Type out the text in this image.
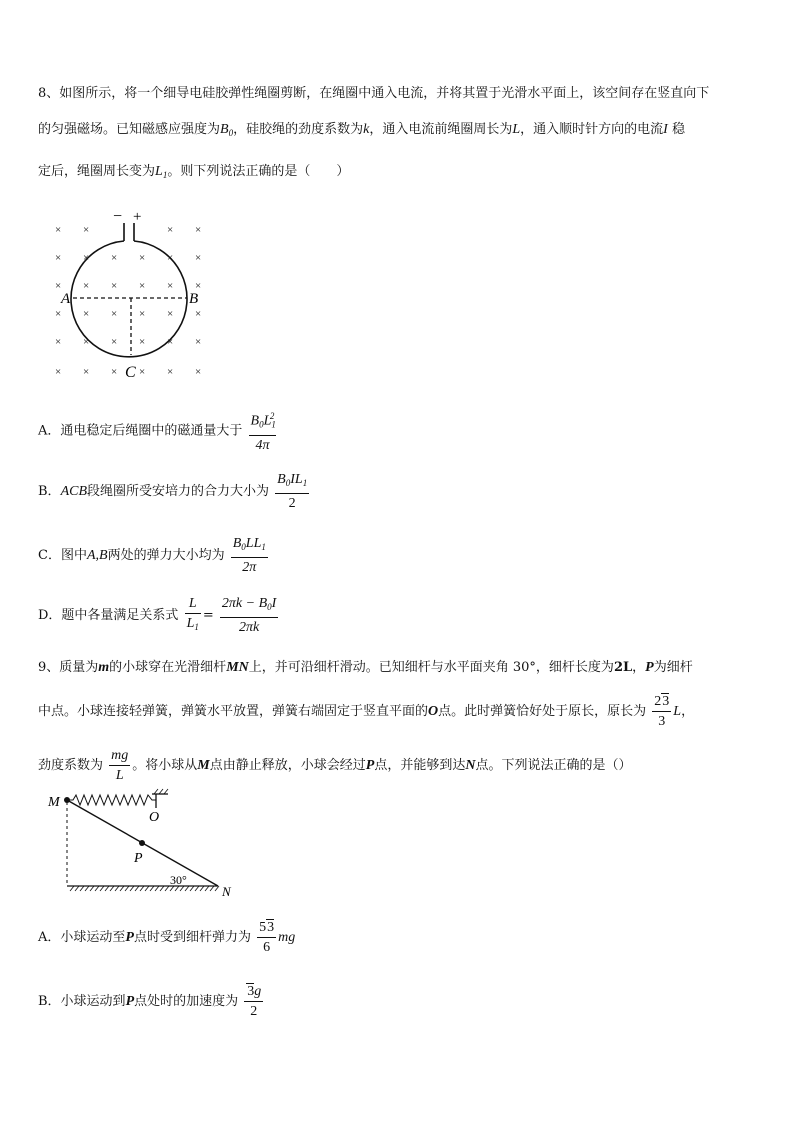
8、如图所示，将一个细导电硅胶弹性绳圈剪断，在绳圈中通入电流，并将其置于光滑水平面上，该空间存在竖直向下
的匀强磁场。已知磁感应强度为$B_0$，硅胶绳的劲度系数为k，通入电流前绳圈周长为L，通入顺时针方向的电流I 稳
定后，绳圈周长变为$L_1$。则下列说法正确的是（　　）
× ×	× ×
× × × × × ×
× × × × × ×
× × × × × ×
× × × × × ×
× × × × × ×
− +
A	B
C
A．通电稳定后绳圈中的磁通量大于 $\frac{B_0L_1^2}{4\pi}$
B．ACB段绳圈所受安培力的合力大小为 $\frac{B_0IL_1}{2}$
C．图中A,B两处的弹力大小均为 $\frac{B_0LL_1}{2\pi}$
D．题中各量满足关系式 $\frac{L}{L_1} = \frac{2\pi k - B_0I}{2\pi k}$
9、质量为m的小球穿在光滑细杆MN上，并可沿细杆滑动。已知细杆与水平面夹角 30°，细杆长度为2L，P为细杆
中点。小球连接轻弹簧，弹簧水平放置，弹簧右端固定于竖直平面的O点。此时弹簧恰好处于原长，原长为 $\frac{23}{3}$ L，
劲度系数为 $\frac{mg}{L}$ 。将小球从M点由静止释放，小球会经过P点，并能够到达N点。下列说法正确的是（）
M
O
P
N
30°
A．小球运动至P点时受到细杆弹力为 $\frac{53}{6}$ mg
B．小球运动到P点处时的加速度为 $\frac{3g}{2}$
